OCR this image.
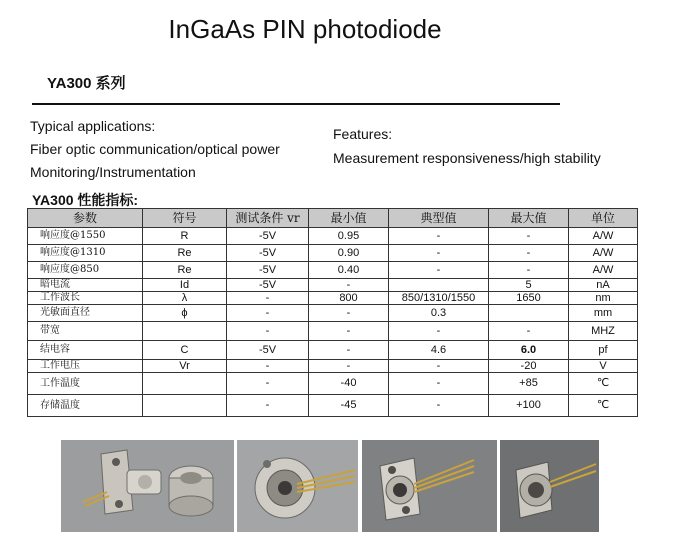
InGaAs PIN photodiode
YA300 系列
Typical applications:
Fiber optic communication/optical power
Monitoring/Instrumentation
Features:
Measurement responsiveness/high stability
YA300 性能指标:
参数	符号	测试条件 vr	最小值	典型值	最大值	单位
响应度@1550	R	-5V	0.95	-	-	A/W
响应度@1310	Re	-5V	0.90	-	-	A/W
响应度@850	Re	-5V	0.40	-	-	A/W
暗电流	Id	-5V	-		5	nA
工作波长	λ	-	800	850/1310/1550	1650	nm
光敏面直径	ϕ	-	-	0.3		mm
带宽		-	-	-	-	MHZ
结电容	C	-5V	-	4.6	6.0	pf
工作电压	Vr	-	-	-	-20	V
工作温度		-	-40	-	+85	℃
存储温度		-	-45	-	+100	℃
